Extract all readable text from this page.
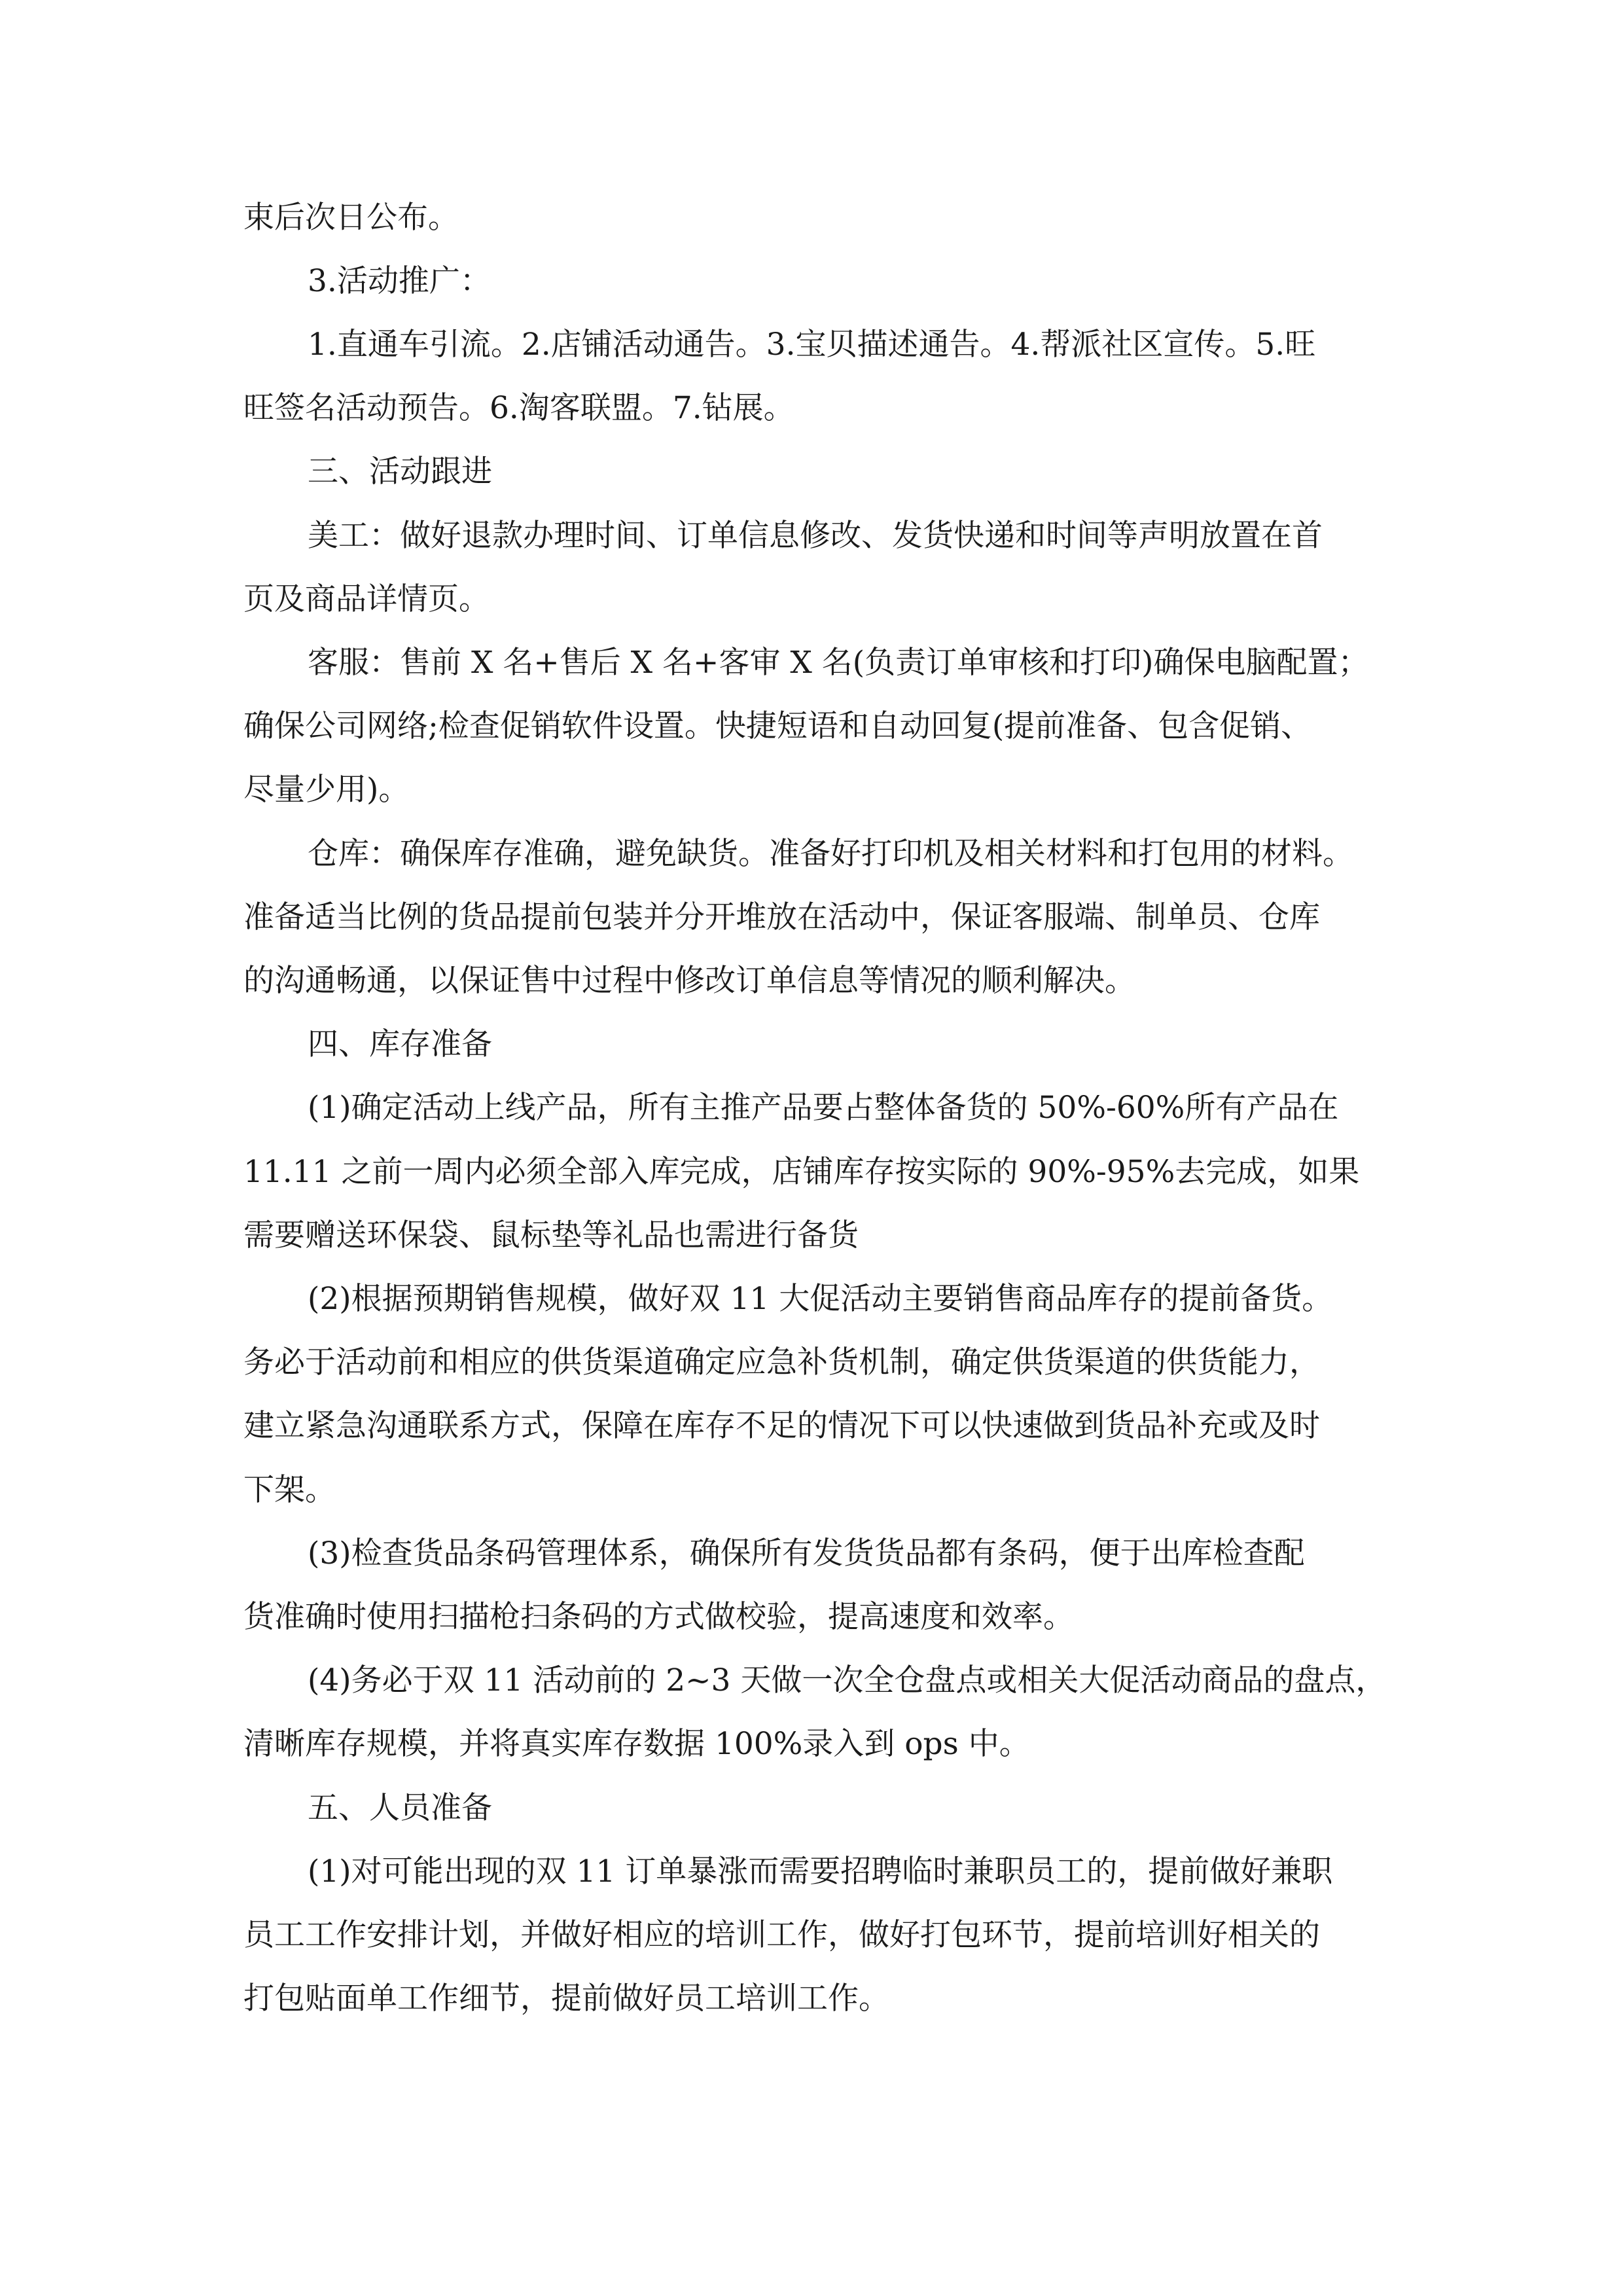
束后次日公布。
3.活动推广：
1.直通车引流。2.店铺活动通告。3.宝贝描述通告。4.帮派社区宣传。5.旺
旺签名活动预告。6.淘客联盟。7.钻展。
三、活动跟进
美工：做好退款办理时间、订单信息修改、发货快递和时间等声明放置在首
页及商品详情页。
客服：售前 X 名+售后 X 名+客审 X 名(负责订单审核和打印)确保电脑配置；
确保公司网络;检查促销软件设置。快捷短语和自动回复(提前准备、包含促销、
尽量少用)。
仓库：确保库存准确，避免缺货。准备好打印机及相关材料和打包用的材料。
准备适当比例的货品提前包装并分开堆放在活动中，保证客服端、制单员、仓库
的沟通畅通，以保证售中过程中修改订单信息等情况的顺利解决。
四、库存准备
(1)确定活动上线产品，所有主推产品要占整体备货的 50%-60%所有产品在
11.11 之前一周内必须全部入库完成，店铺库存按实际的 90%-95%去完成，如果
需要赠送环保袋、鼠标垫等礼品也需进行备货
(2)根据预期销售规模，做好双 11 大促活动主要销售商品库存的提前备货。
务必于活动前和相应的供货渠道确定应急补货机制，确定供货渠道的供货能力，
建立紧急沟通联系方式，保障在库存不足的情况下可以快速做到货品补充或及时
下架。
(3)检查货品条码管理体系，确保所有发货货品都有条码，便于出库检查配
货准确时使用扫描枪扫条码的方式做校验，提高速度和效率。
(4)务必于双 11 活动前的 2~3 天做一次全仓盘点或相关大促活动商品的盘点，
清晰库存规模，并将真实库存数据 100%录入到 ops 中。
五、人员准备
(1)对可能出现的双 11 订单暴涨而需要招聘临时兼职员工的，提前做好兼职
员工工作安排计划，并做好相应的培训工作，做好打包环节，提前培训好相关的
打包贴面单工作细节，提前做好员工培训工作。
